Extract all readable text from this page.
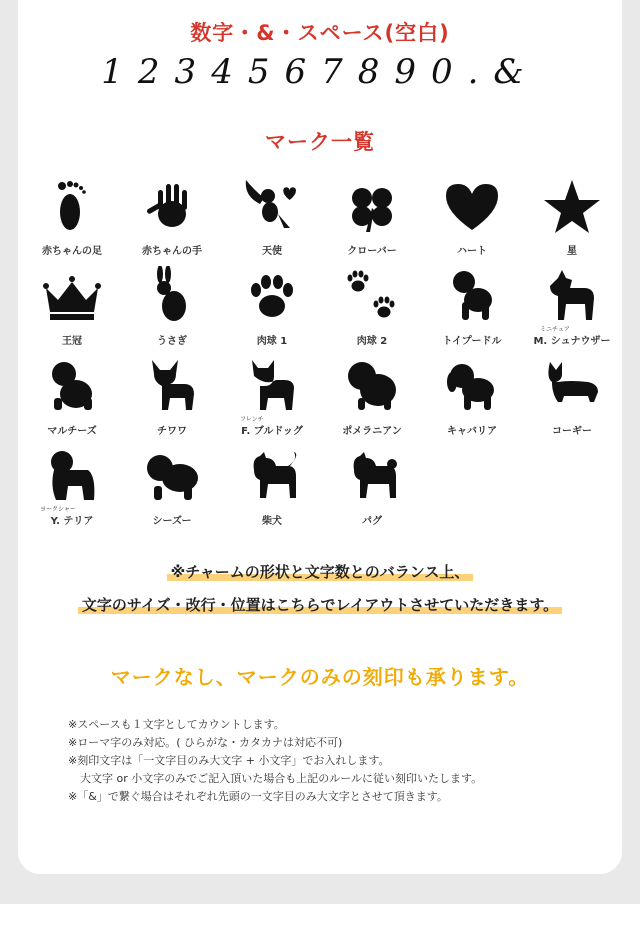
数字・&・スペース(空白)
1234567890.&
マーク一覧
赤ちゃんの足	赤ちゃんの手	天使	クローバー	ハート	星
王冠	うさぎ	肉球 1	肉球 2	トイプードル
ミニチュア
M. シュナウザー
マルチーズ	チワワ
フレンチ
F. ブルドッグ	ポメラニアン	キャバリア	コーギー
ヨークシャー
Y. テリア	シーズー	柴犬	パグ
※チャームの形状と文字数とのバランス上、
文字のサイズ・改行・位置はこちらでレイアウトさせていただきます。
マークなし、マークのみの刻印も承ります。
※スペースも１文字としてカウントします。
※ローマ字のみ対応。( ひらがな・カタカナは対応不可)
※刻印文字は「一文字目のみ大文字 + 小文字」でお入れします。
大文字 or 小文字のみでご記入頂いた場合も上記のルールに従い刻印いたします。
※「&」で繋ぐ場合はそれぞれ先頭の一文字目のみ大文字とさせて頂きます。
